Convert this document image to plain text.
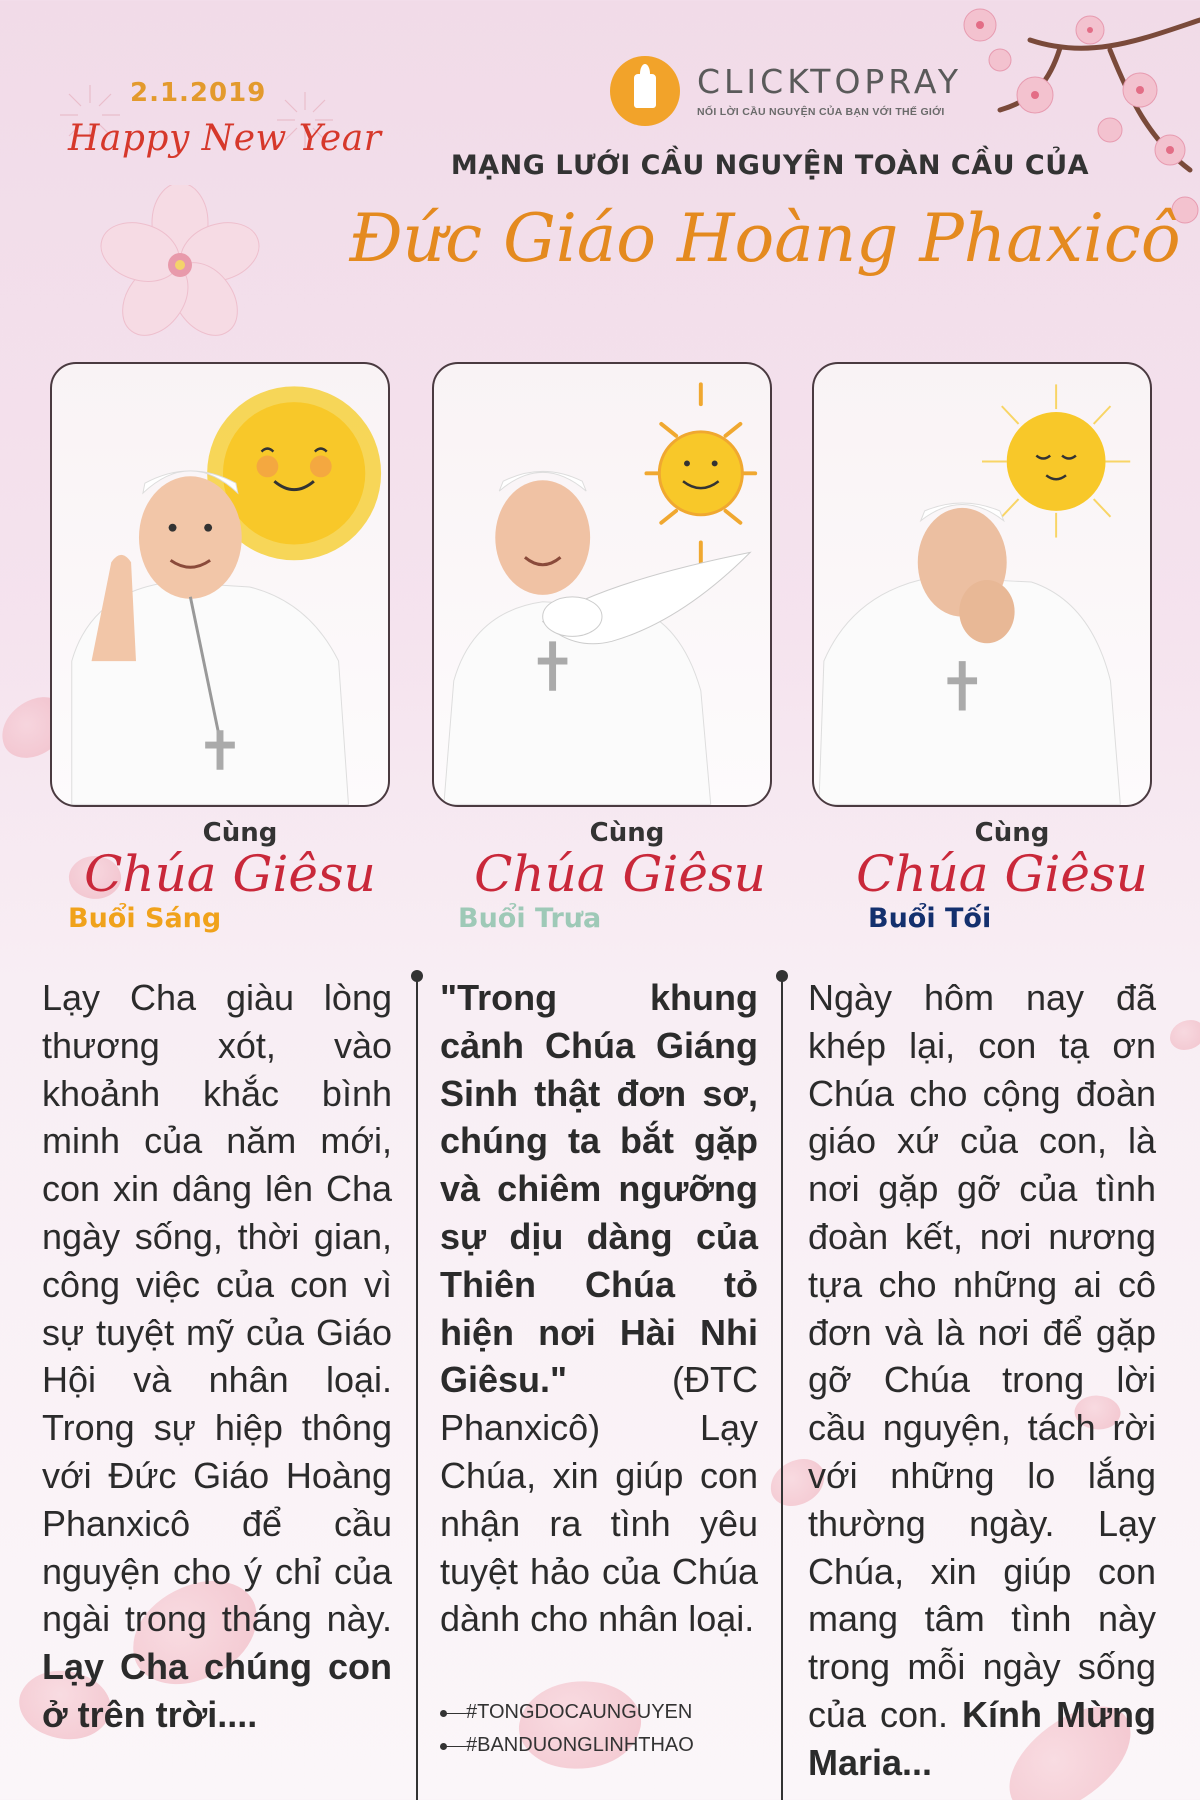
2.1.2019
Happy New Year
CLICKTOPRAY
NỐI LỜI CẦU NGUYỆN CỦA BẠN VỚI THẾ GIỚI
MẠNG LƯỚI CẦU NGUYỆN TOÀN CẦU CỦA
Đức Giáo Hoàng Phaxicô
Cùng
Chúa Giêsu
Buổi Sáng
Cùng
Chúa Giêsu
Buổi Trưa
Cùng
Chúa Giêsu
Buổi Tối
Lạy Cha giàu lòng thương xót, vào khoảnh khắc bình minh của năm mới, con xin dâng lên Cha ngày sống, thời gian, công việc của con vì sự tuyệt mỹ của Giáo Hội và nhân loại. Trong sự hiệp thông với Đức Giáo Hoàng Phanxicô để cầu nguyện cho ý chỉ của ngài trong tháng này. Lạy Cha chúng con ở trên trời....
"Trong khung cảnh Chúa Giáng Sinh thật đơn sơ, chúng ta bắt gặp và chiêm ngưỡng sự dịu dàng của Thiên Chúa tỏ hiện nơi Hài Nhi Giêsu."	(ĐTC Phanxicô) Lạy Chúa, xin giúp con nhận ra tình yêu tuyệt hảo của Chúa dành cho nhân loại.
Ngày hôm nay đã khép lại, con tạ ơn Chúa cho cộng đoàn giáo xứ của con, là nơi gặp gỡ của tình đoàn kết, nơi nương tựa cho những ai cô đơn và là nơi để gặp gỡ Chúa trong lời cầu nguyện, tách rời với những lo lắng thường ngày. Lạy Chúa, xin giúp con mang tâm tình này trong mỗi ngày sống của con. Kính Mừng Maria...
#TONGDOCAUNGUYEN
#BANDUONGLINHTHAO
